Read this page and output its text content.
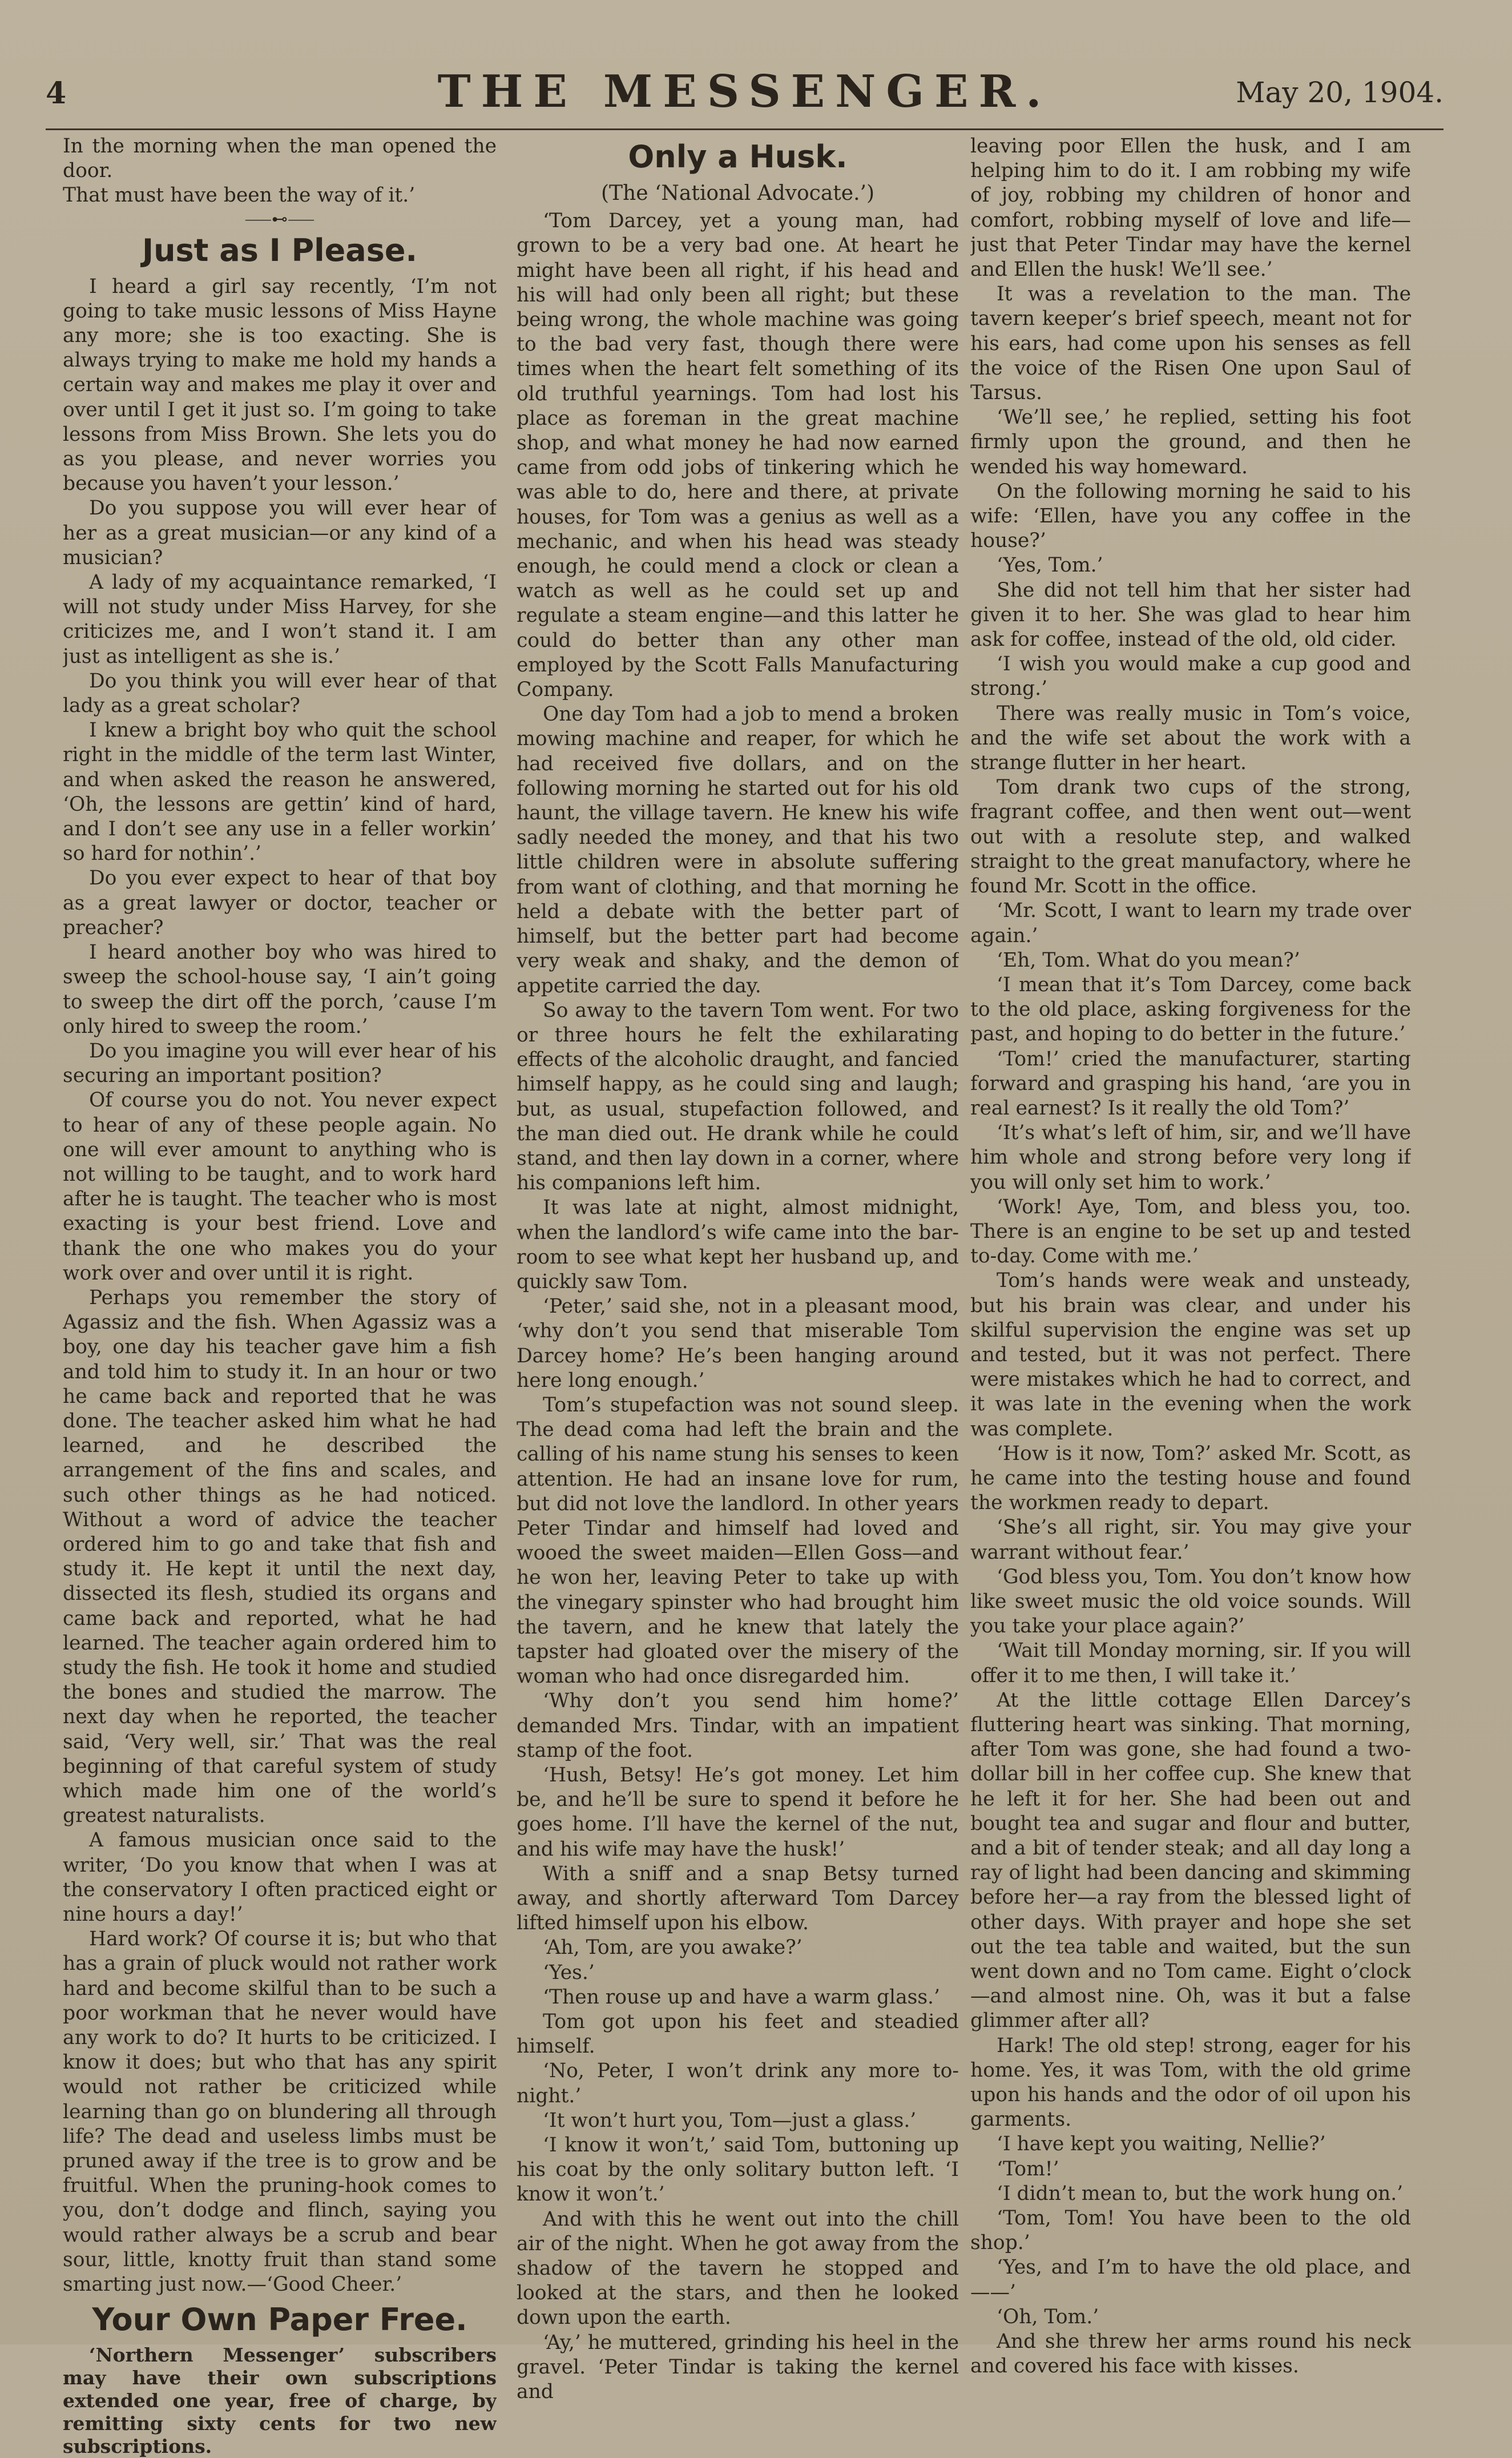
4	THE MESSENGER.	May 20, 1904.

In the morning when the man opened the door.

That must have been the way of it.’

⸺⊷⸺
Just as I Please.

I heard a girl say recently, ‘I’m not going to take music lessons of Miss Hayne any more; she is too exacting. She is always trying to make me hold my hands a certain way and makes me play it over and over until I get it just so. I’m going to take lessons from Miss Brown. She lets you do as you please, and never worries you because you haven’t your lesson.’

Do you suppose you will ever hear of her as a great musician—or any kind of a musician?

A lady of my acquaintance remarked, ‘I will not study under Miss Harvey, for she criticizes me, and I won’t stand it. I am just as intelligent as she is.’

Do you think you will ever hear of that lady as a great scholar?

I knew a bright boy who quit the school right in the middle of the term last Winter, and when asked the reason he answered, ‘Oh, the lessons are gettin’ kind of hard, and I don’t see any use in a feller workin’ so hard for nothin’.’

Do you ever expect to hear of that boy as a great lawyer or doctor, teacher or preacher?

I heard another boy who was hired to sweep the school-house say, ‘I ain’t going to sweep the dirt off the porch, ’cause I’m only hired to sweep the room.’

Do you imagine you will ever hear of his securing an important position?

Of course you do not. You never expect to hear of any of these people again. No one will ever amount to anything who is not willing to be taught, and to work hard after he is taught. The teacher who is most exacting is your best friend. Love and thank the one who makes you do your work over and over until it is right.

Perhaps you remember the story of Agassiz and the fish. When Agassiz was a boy, one day his teacher gave him a fish and told him to study it. In an hour or two he came back and reported that he was done. The teacher asked him what he had learned, and he described the arrangement of the fins and scales, and such other things as he had noticed. Without a word of advice the teacher ordered him to go and take that fish and study it. He kept it until the next day, dissected its flesh, studied its organs and came back and reported, what he had learned. The teacher again ordered him to study the fish. He took it home and studied the bones and studied the marrow. The next day when he reported, the teacher said, ‘Very well, sir.’ That was the real beginning of that careful system of study which made him one of the world’s greatest naturalists.

A famous musician once said to the writer, ‘Do you know that when I was at the conservatory I often practiced eight or nine hours a day!’

Hard work? Of course it is; but who that has a grain of pluck would not rather work hard and become skilful than to be such a poor workman that he never would have any work to do? It hurts to be criticized. I know it does; but who that has any spirit would not rather be criticized while learning than go on blundering all through life? The dead and useless limbs must be pruned away if the tree is to grow and be fruitful. When the pruning-hook comes to you, don’t dodge and flinch, saying you would rather always be a scrub and bear sour, little, knotty fruit than stand some smarting just now.—‘Good Cheer.’

Your Own Paper Free.

‘Northern Messenger’ subscribers may have their own subscriptions extended one year, free of charge, by remitting sixty cents for two new subscriptions.

Only a Husk.
(The ‘National Advocate.’)

‘Tom Darcey, yet a young man, had grown to be a very bad one. At heart he might have been all right, if his head and his will had only been all right; but these being wrong, the whole machine was going to the bad very fast, though there were times when the heart felt something of its old truthful yearnings. Tom had lost his place as foreman in the great machine shop, and what money he had now earned came from odd jobs of tinkering which he was able to do, here and there, at private houses, for Tom was a genius as well as a mechanic, and when his head was steady enough, he could mend a clock or clean a watch as well as he could set up and regulate a steam engine—and this latter he could do better than any other man employed by the Scott Falls Manufacturing Company.

One day Tom had a job to mend a broken mowing machine and reaper, for which he had received five dollars, and on the following morning he started out for his old haunt, the village tavern. He knew his wife sadly needed the money, and that his two little children were in absolute suffering from want of clothing, and that morning he held a debate with the better part of himself, but the better part had become very weak and shaky, and the demon of appetite carried the day.

So away to the tavern Tom went. For two or three hours he felt the exhilarating effects of the alcoholic draught, and fancied himself happy, as he could sing and laugh; but, as usual, stupefaction followed, and the man died out. He drank while he could stand, and then lay down in a corner, where his companions left him.

It was late at night, almost midnight, when the landlord’s wife came into the bar-room to see what kept her husband up, and quickly saw Tom.

‘Peter,’ said she, not in a pleasant mood, ‘why don’t you send that miserable Tom Darcey home? He’s been hanging around here long enough.’

Tom’s stupefaction was not sound sleep. The dead coma had left the brain and the calling of his name stung his senses to keen attention. He had an insane love for rum, but did not love the landlord. In other years Peter Tindar and himself had loved and wooed the sweet maiden—Ellen Goss—and he won her, leaving Peter to take up with the vinegary spinster who had brought him the tavern, and he knew that lately the tapster had gloated over the misery of the woman who had once disregarded him.

‘Why don’t you send him home?’ demanded Mrs. Tindar, with an impatient stamp of the foot.

‘Hush, Betsy! He’s got money. Let him be, and he’ll be sure to spend it before he goes home. I’ll have the kernel of the nut, and his wife may have the husk!’

With a sniff and a snap Betsy turned away, and shortly afterward Tom Darcey lifted himself upon his elbow.

‘Ah, Tom, are you awake?’

‘Yes.’

‘Then rouse up and have a warm glass.’

Tom got upon his feet and steadied himself.

‘No, Peter, I won’t drink any more to-night.’

‘It won’t hurt you, Tom—just a glass.’

‘I know it won’t,’ said Tom, buttoning up his coat by the only solitary button left. ‘I know it won’t.’

And with this he went out into the chill air of the night. When he got away from the shadow of the tavern he stopped and looked at the stars, and then he looked down upon the earth.

‘Ay,’ he muttered, grinding his heel in the gravel. ‘Peter Tindar is taking the kernel and

leaving poor Ellen the husk, and I am helping him to do it. I am robbing my wife of joy, robbing my children of honor and comfort, robbing myself of love and life—just that Peter Tindar may have the kernel and Ellen the husk! We’ll see.’

It was a revelation to the man. The tavern keeper’s brief speech, meant not for his ears, had come upon his senses as fell the voice of the Risen One upon Saul of Tarsus.

‘We’ll see,’ he replied, setting his foot firmly upon the ground, and then he wended his way homeward.

On the following morning he said to his wife: ‘Ellen, have you any coffee in the house?’

‘Yes, Tom.’

She did not tell him that her sister had given it to her. She was glad to hear him ask for coffee, instead of the old, old cider.

‘I wish you would make a cup good and strong.’

There was really music in Tom’s voice, and the wife set about the work with a strange flutter in her heart.

Tom drank two cups of the strong, fragrant coffee, and then went out—went out with a resolute step, and walked straight to the great manufactory, where he found Mr. Scott in the office.

‘Mr. Scott, I want to learn my trade over again.’

‘Eh, Tom. What do you mean?’

‘I mean that it’s Tom Darcey, come back to the old place, asking forgiveness for the past, and hoping to do better in the future.’

‘Tom!’ cried the manufacturer, starting forward and grasping his hand, ‘are you in real earnest? Is it really the old Tom?’

‘It’s what’s left of him, sir, and we’ll have him whole and strong before very long if you will only set him to work.’

‘Work! Aye, Tom, and bless you, too. There is an engine to be set up and tested to-day. Come with me.’

Tom’s hands were weak and unsteady, but his brain was clear, and under his skilful supervision the engine was set up and tested, but it was not perfect. There were mistakes which he had to correct, and it was late in the evening when the work was complete.

‘How is it now, Tom?’ asked Mr. Scott, as he came into the testing house and found the workmen ready to depart.

‘She’s all right, sir. You may give your warrant without fear.’

‘God bless you, Tom. You don’t know how like sweet music the old voice sounds. Will you take your place again?’

‘Wait till Monday morning, sir. If you will offer it to me then, I will take it.’

At the little cottage Ellen Darcey’s fluttering heart was sinking. That morning, after Tom was gone, she had found a two-dollar bill in her coffee cup. She knew that he left it for her. She had been out and bought tea and sugar and flour and butter, and a bit of tender steak; and all day long a ray of light had been dancing and skimming before her—a ray from the blessed light of other days. With prayer and hope she set out the tea table and waited, but the sun went down and no Tom came. Eight o’clock—and almost nine. Oh, was it but a false glimmer after all?

Hark! The old step! strong, eager for his home. Yes, it was Tom, with the old grime upon his hands and the odor of oil upon his garments.

‘I have kept you waiting, Nellie?’

‘Tom!’

‘I didn’t mean to, but the work hung on.’

‘Tom, Tom! You have been to the old shop.’

‘Yes, and I’m to have the old place, and——’

‘Oh, Tom.’

And she threw her arms round his neck and covered his face with kisses.
